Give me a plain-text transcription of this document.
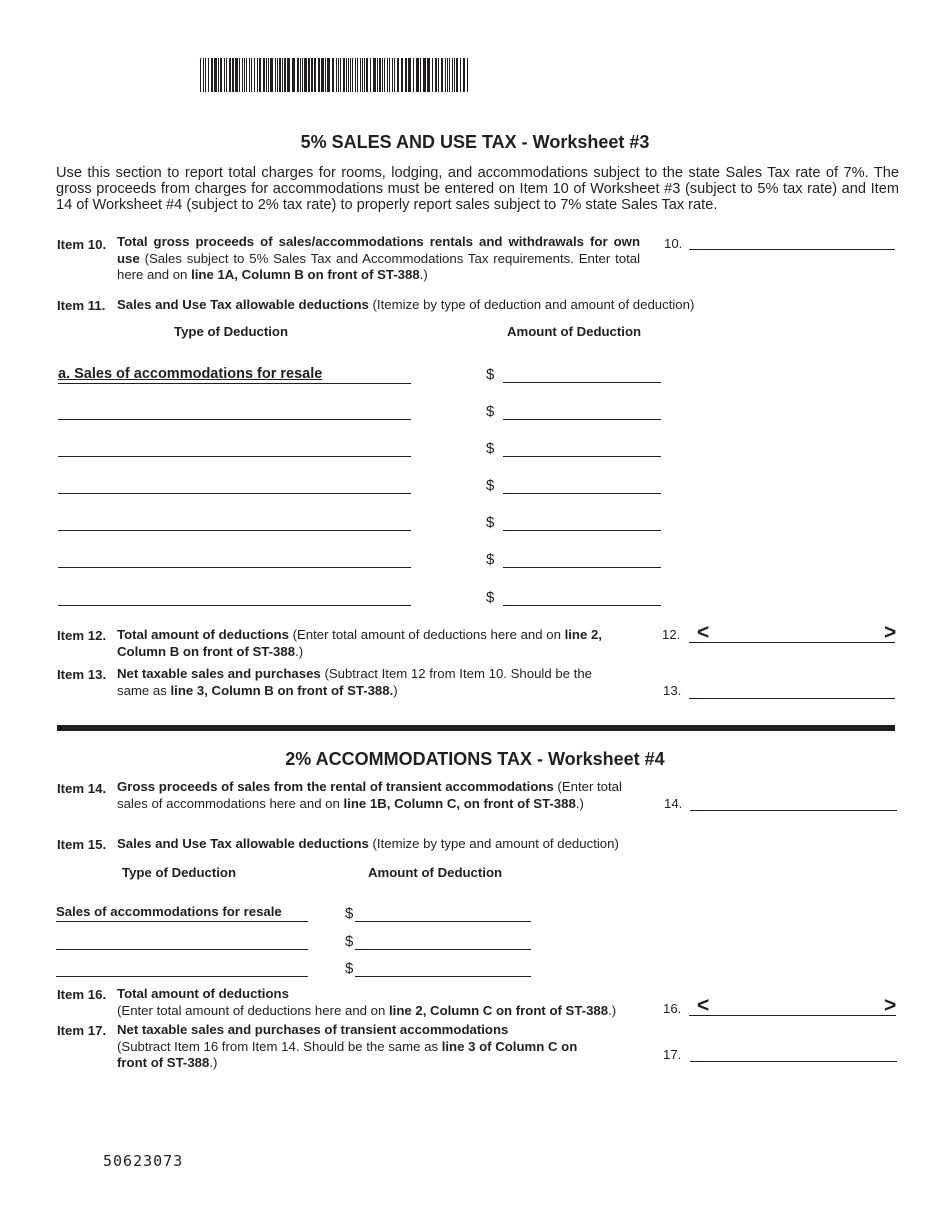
5% SALES AND USE TAX - Worksheet #3
Use this section to report total charges for rooms, lodging, and accommodations subject to the state Sales Tax rate of 7%. The gross proceeds from charges for accommodations must be entered on Item 10 of Worksheet #3 (subject to 5% tax rate) and Item 14 of Worksheet #4 (subject to 2% tax rate) to properly report sales subject to 7% state Sales Tax rate.
Item 10. Total gross proceeds of sales/accommodations rentals and withdrawals for own use (Sales subject to 5% Sales Tax and Accommodations Tax requirements. Enter total here and on line 1A, Column B on front of ST-388.)
10.
Item 11. Sales and Use Tax allowable deductions (Itemize by type of deduction and amount of deduction)
Type of Deduction	Amount of Deduction
a. Sales of accommodations for resale	$
$
$
$
$
$
$
Item 12. Total amount of deductions (Enter total amount of deductions here and on line 2, Column B on front of ST-388.)
12. <	>
Item 13. Net taxable sales and purchases (Subtract Item 12 from Item 10. Should be the same as line 3, Column B on front of ST-388.)	13.
2% ACCOMMODATIONS TAX - Worksheet #4
Item 14. Gross proceeds of sales from the rental of transient accommodations (Enter total sales of accommodations here and on line 1B, Column C, on front of ST-388.)	14.
Item 15. Sales and Use Tax allowable deductions (Itemize by type and amount of deduction)
Type of Deduction	Amount of Deduction
Sales of accommodations for resale	$
$
$
Item 16. Total amount of deductions
(Enter total amount of deductions here and on line 2, Column C on front of ST-388.)	16. <	>
Item 17. Net taxable sales and purchases of transient accommodations
(Subtract Item 16 from Item 14. Should be the same as line 3 of Column C on front of ST-388.)
17.
50623073
